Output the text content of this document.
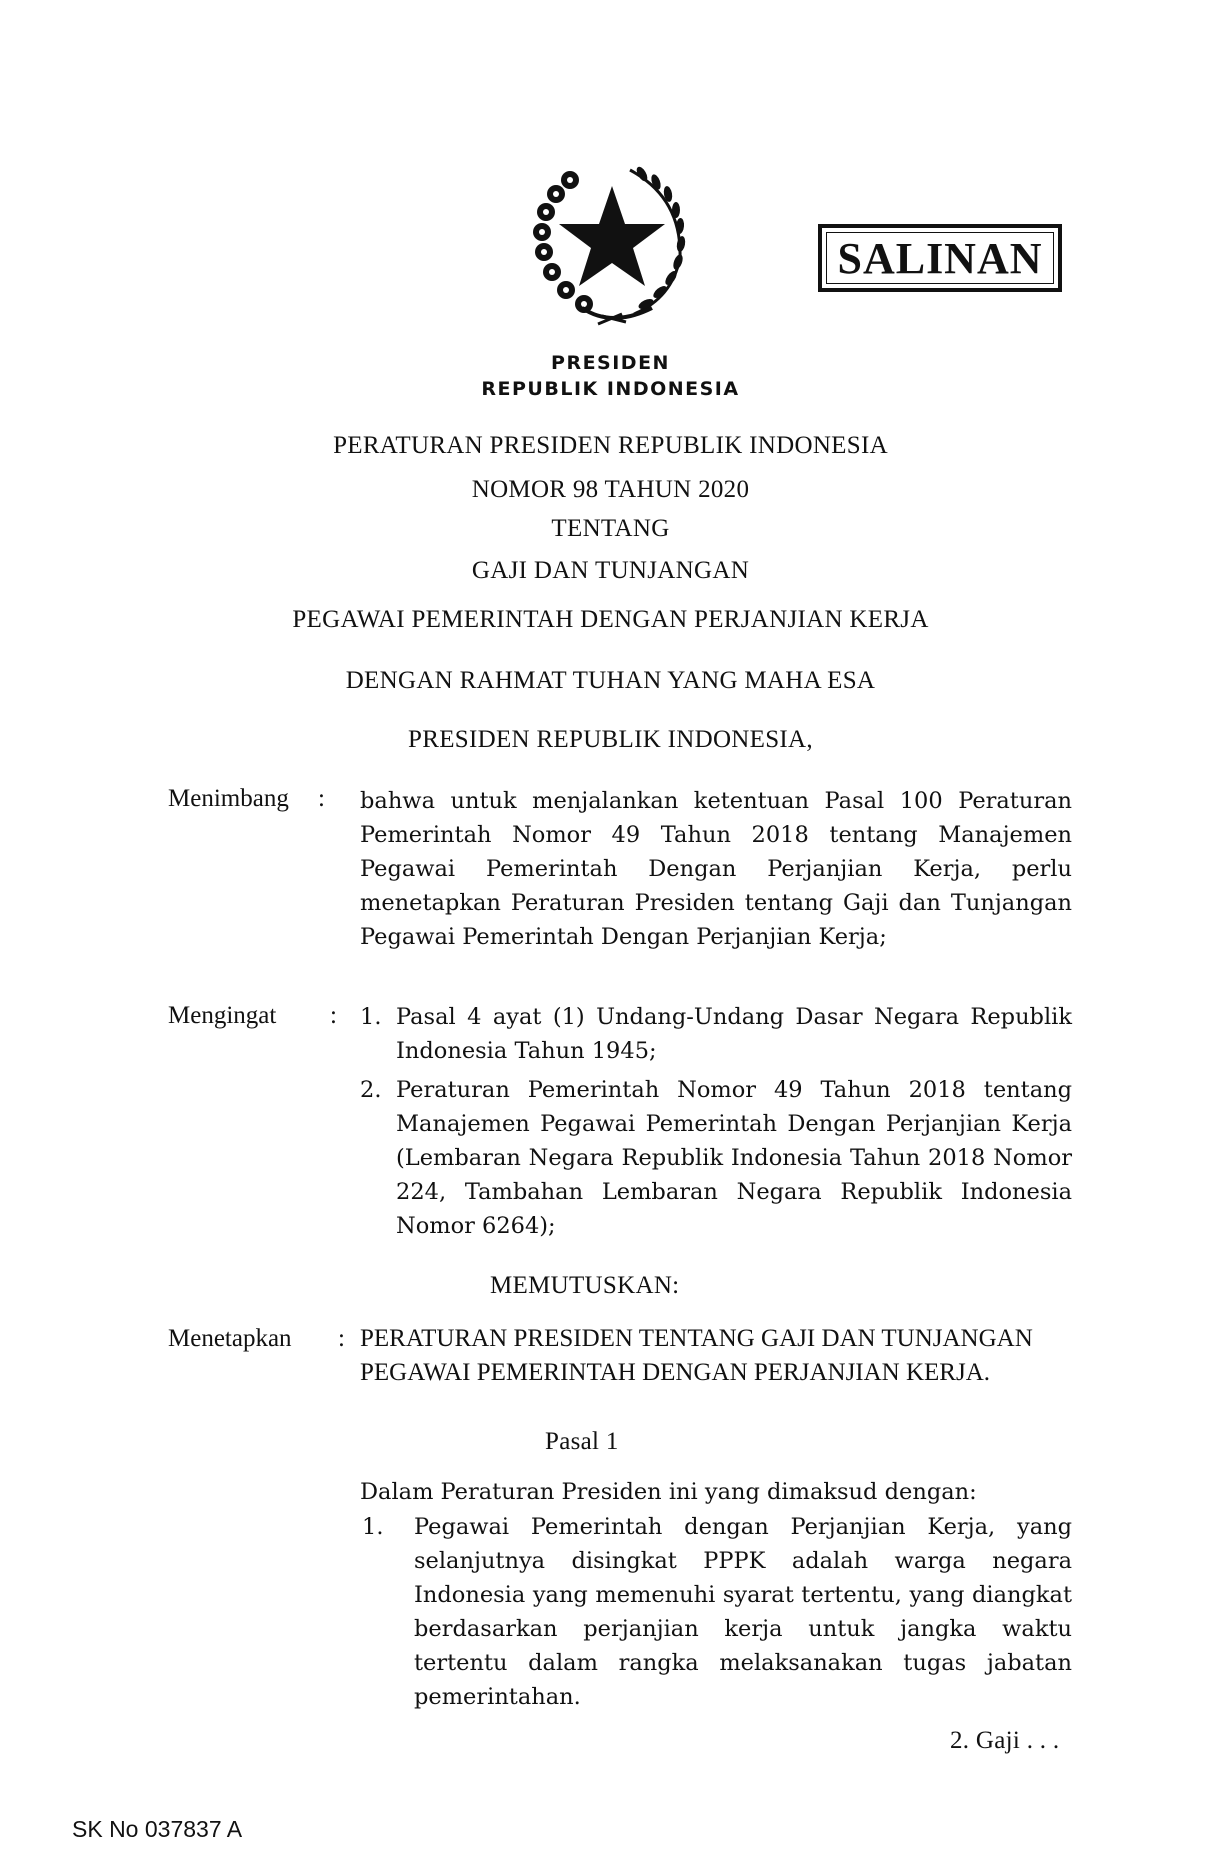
SALINAN
PRESIDEN
REPUBLIK INDONESIA
PERATURAN PRESIDEN REPUBLIK INDONESIA
NOMOR 98 TAHUN 2020
TENTANG
GAJI DAN TUNJANGAN
PEGAWAI PEMERINTAH DENGAN PERJANJIAN KERJA
DENGAN RAHMAT TUHAN YANG MAHA ESA
PRESIDEN REPUBLIK INDONESIA,
Menimbang : bahwa untuk menjalankan ketentuan Pasal 100 Peraturan Pemerintah Nomor 49 Tahun 2018 tentang Manajemen Pegawai Pemerintah Dengan Perjanjian Kerja, perlu menetapkan Peraturan Presiden tentang Gaji dan Tunjangan Pegawai Pemerintah Dengan Perjanjian Kerja;
Mengingat : 1. Pasal 4 ayat (1) Undang-Undang Dasar Negara Republik Indonesia Tahun 1945;
2. Peraturan Pemerintah Nomor 49 Tahun 2018 tentang Manajemen Pegawai Pemerintah Dengan Perjanjian Kerja (Lembaran Negara Republik Indonesia Tahun 2018 Nomor 224, Tambahan Lembaran Negara Republik Indonesia Nomor 6264);
MEMUTUSKAN:
Menetapkan : PERATURAN PRESIDEN TENTANG GAJI DAN TUNJANGAN PEGAWAI PEMERINTAH DENGAN PERJANJIAN KERJA.
Pasal 1
Dalam Peraturan Presiden ini yang dimaksud dengan:
1. Pegawai Pemerintah dengan Perjanjian Kerja, yang selanjutnya disingkat PPPK adalah warga negara Indonesia yang memenuhi syarat tertentu, yang diangkat berdasarkan perjanjian kerja untuk jangka waktu tertentu dalam rangka melaksanakan tugas jabatan pemerintahan.
2. Gaji . . .
SK No 037837 A
